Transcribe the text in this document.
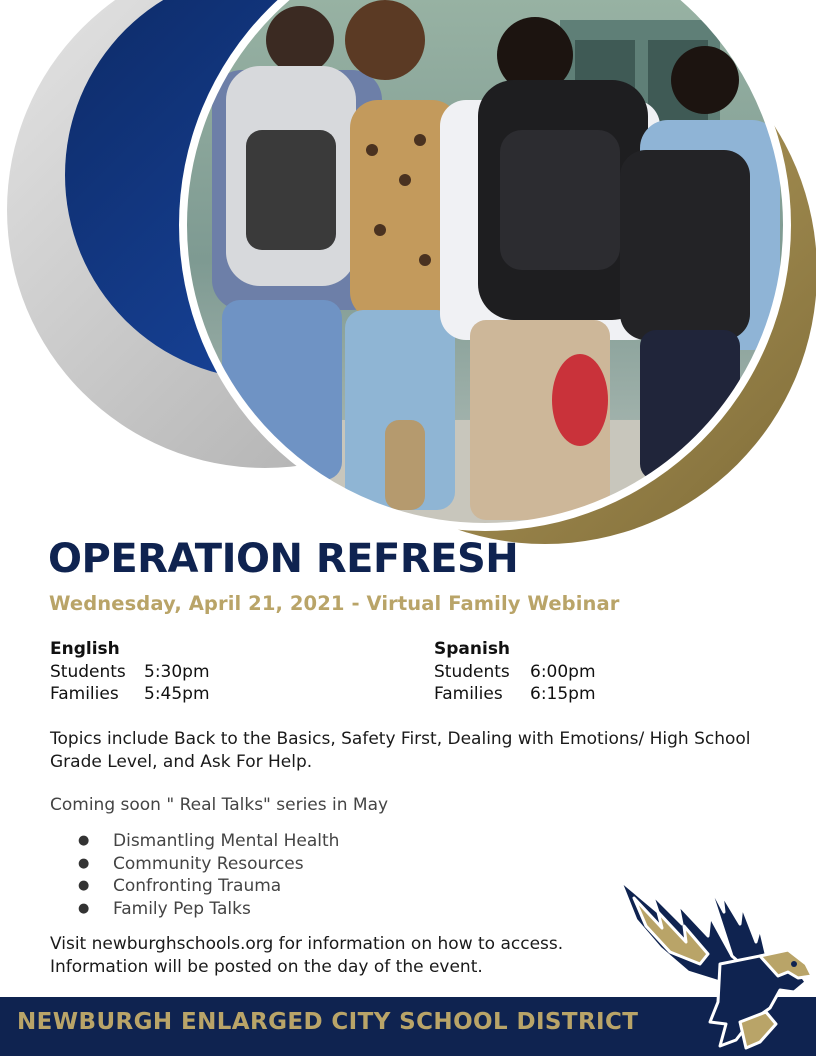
OPERATION REFRESH
Wednesday, April 21, 2021 - Virtual Family Webinar
English
Students 5:30pm
Families 5:45pm
Spanish
Students 6:00pm
Families 6:15pm

Topics include Back to the Basics, Safety First, Dealing with Emotions/ High School Grade Level, and Ask For Help.

Coming soon " Real Talks" series in May

● Dismantling Mental Health
● Community Resources
● Confronting Trauma
● Family Pep Talks
Visit newburghschools.org for information on how to access.
Information will be posted on the day of the event.
NEWBURGH ENLARGED CITY SCHOOL DISTRICT
